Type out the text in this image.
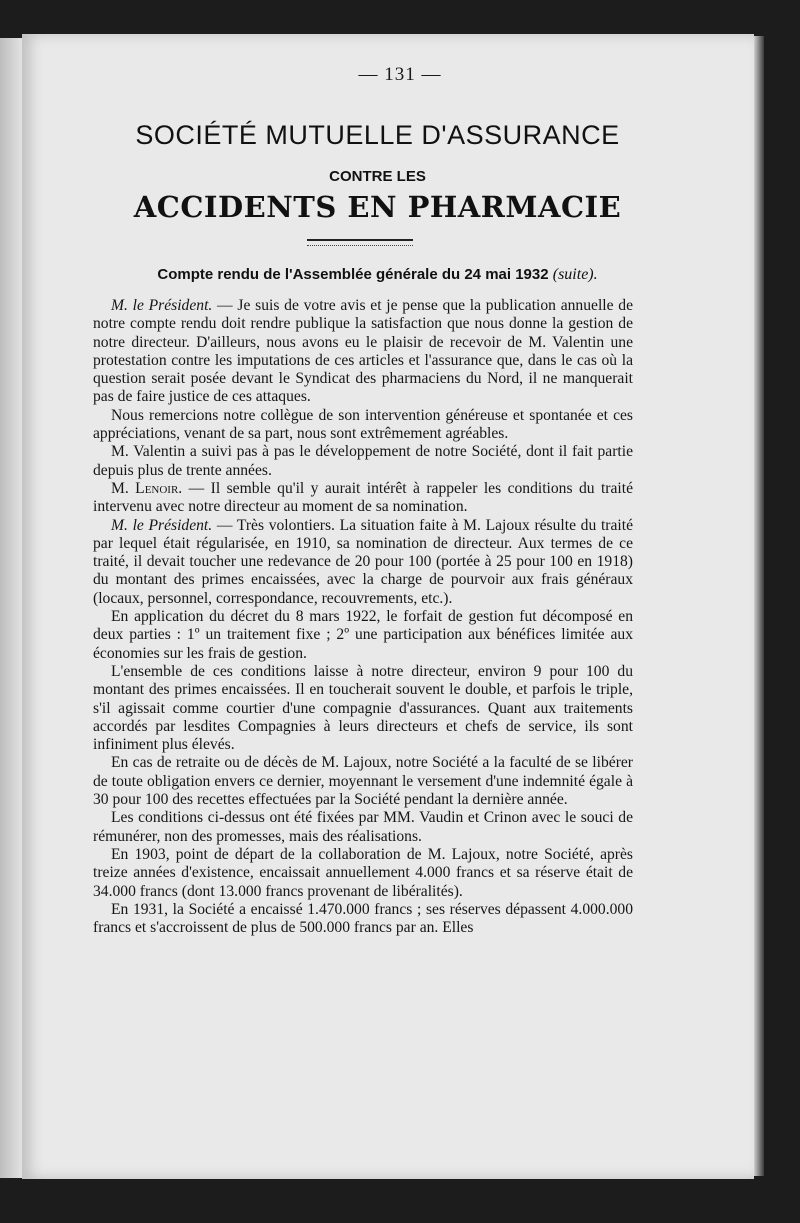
— 131 —
SOCIÉTÉ MUTUELLE D'ASSURANCE
CONTRE LES
ACCIDENTS EN PHARMACIE
Compte rendu de l'Assemblée générale du 24 mai 1932 (suite).

M. le Président. — Je suis de votre avis et je pense que la publication annuelle de notre compte rendu doit rendre publique la satisfaction que nous donne la gestion de notre directeur. D'ailleurs, nous avons eu le plaisir de recevoir de M. Valentin une protestation contre les imputations de ces articles et l'assurance que, dans le cas où la question serait posée devant le Syndicat des pharmaciens du Nord, il ne manquerait pas de faire justice de ces attaques.

Nous remercions notre collègue de son intervention généreuse et spontanée et ces appréciations, venant de sa part, nous sont extrêmement agréables.

M. Valentin a suivi pas à pas le développement de notre Société, dont il fait partie depuis plus de trente années.

M. Lenoir. — Il semble qu'il y aurait intérêt à rappeler les conditions du traité intervenu avec notre directeur au moment de sa nomination.

M. le Président. — Très volontiers. La situation faite à M. Lajoux résulte du traité par lequel était régularisée, en 1910, sa nomination de directeur. Aux termes de ce traité, il devait toucher une redevance de 20 pour 100 (portée à 25 pour 100 en 1918) du montant des primes encaissées, avec la charge de pourvoir aux frais généraux (locaux, personnel, correspondance, recouvrements, etc.).

En application du décret du 8 mars 1922, le forfait de gestion fut décomposé en deux parties : 1º un traitement fixe ; 2º une participation aux bénéfices limitée aux économies sur les frais de gestion.

L'ensemble de ces conditions laisse à notre directeur, environ 9 pour 100 du montant des primes encaissées. Il en toucherait souvent le double, et parfois le triple, s'il agissait comme courtier d'une compagnie d'assurances. Quant aux traitements accordés par lesdites Compagnies à leurs directeurs et chefs de service, ils sont infiniment plus élevés.

En cas de retraite ou de décès de M. Lajoux, notre Société a la faculté de se libérer de toute obligation envers ce dernier, moyennant le versement d'une indemnité égale à 30 pour 100 des recettes effectuées par la Société pendant la dernière année.

Les conditions ci-dessus ont été fixées par MM. Vaudin et Crinon avec le souci de rémunérer, non des promesses, mais des réalisations.

En 1903, point de départ de la collaboration de M. Lajoux, notre Société, après treize années d'existence, encaissait annuellement 4.000 francs et sa réserve était de 34.000 francs (dont 13.000 francs provenant de libéralités).

En 1931, la Société a encaissé 1.470.000 francs ; ses réserves dépassent 4.000.000 francs et s'accroissent de plus de 500.000 francs par an. Elles
